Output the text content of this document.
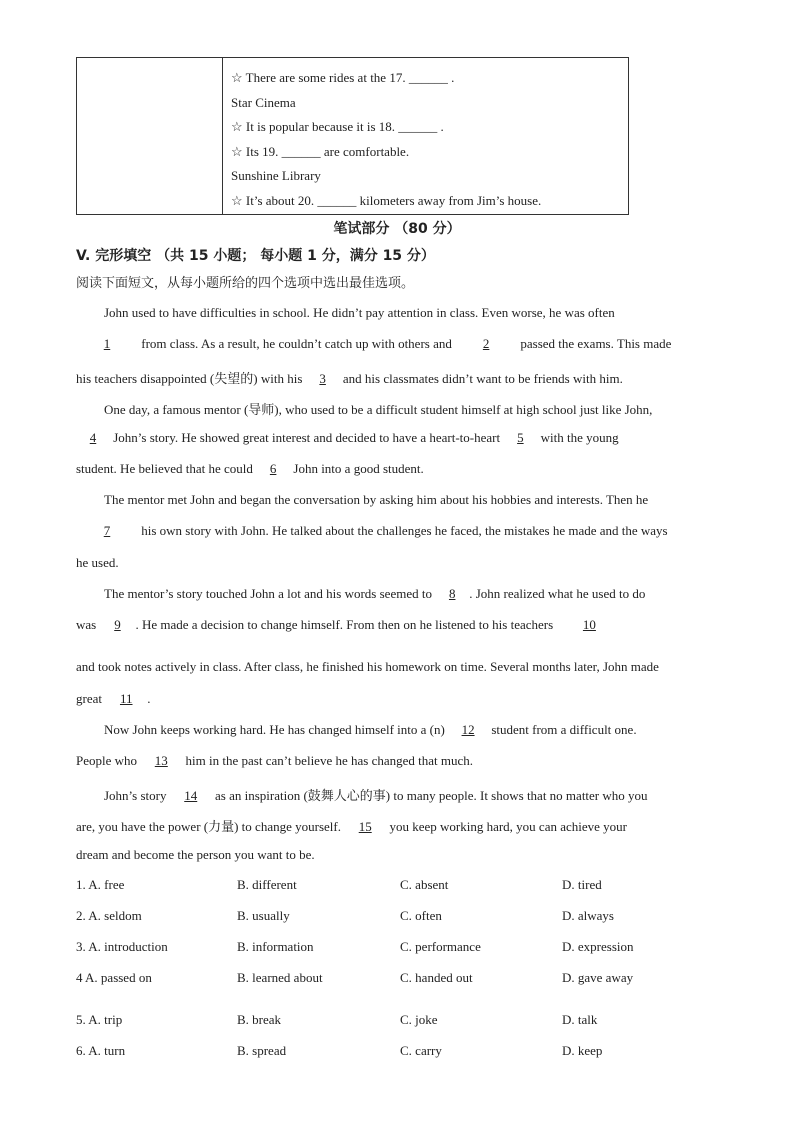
☆ There are some rides at the 17. ______ .
Star Cinema
☆ It is popular because it is 18. ______ .
☆ Its 19. ______ are comfortable.
Sunshine Library
☆ It’s about 20. ______ kilometers away from Jim’s house.
笔试部分 （80 分）
V. 完形填空 （共 15 小题； 每小题 1 分，满分 15 分）
阅读下面短文，从每小题所给的四个选项中选出最佳选项。
John used to have difficulties in school. He didn’t pay attention in class. Even worse, he was often
1 from class. As a result, he couldn’t catch up with others and 2 passed the exams. This made
his teachers disappointed (失望的) with his 3 and his classmates didn’t want to be friends with him.
One day, a famous mentor (导师), who used to be a difficult student himself at high school just like John,
4 John’s story. He showed great interest and decided to have a heart-to-heart 5 with the young
student. He believed that he could 6 John into a good student.
The mentor met John and began the conversation by asking him about his hobbies and interests. Then he
7 his own story with John. He talked about the challenges he faced, the mistakes he made and the ways
he used.
The mentor’s story touched John a lot and his words seemed to 8 . John realized what he used to do
was 9 . He made a decision to change himself. From then on he listened to his teachers 10
and took notes actively in class. After class, he finished his homework on time. Several months later, John made
great 11 .
Now John keeps working hard. He has changed himself into a (n) 12 student from a difficult one.
People who 13 him in the past can’t believe he has changed that much.
John’s story 14 as an inspiration (鼓舞人心的事) to many people. It shows that no matter who you
are, you have the power (力量) to change yourself. 15 you keep working hard, you can achieve your
dream and become the person you want to be.
1. A. free	B. different	C. absent	D. tired
2. A. seldom	B. usually	C. often	D. always
3. A. introduction	B. information	C. performance	D. expression
4 A. passed on	B. learned about	C. handed out	D. gave away
5. A. trip	B. break	C. joke	D. talk
6. A. turn	B. spread	C. carry	D. keep
